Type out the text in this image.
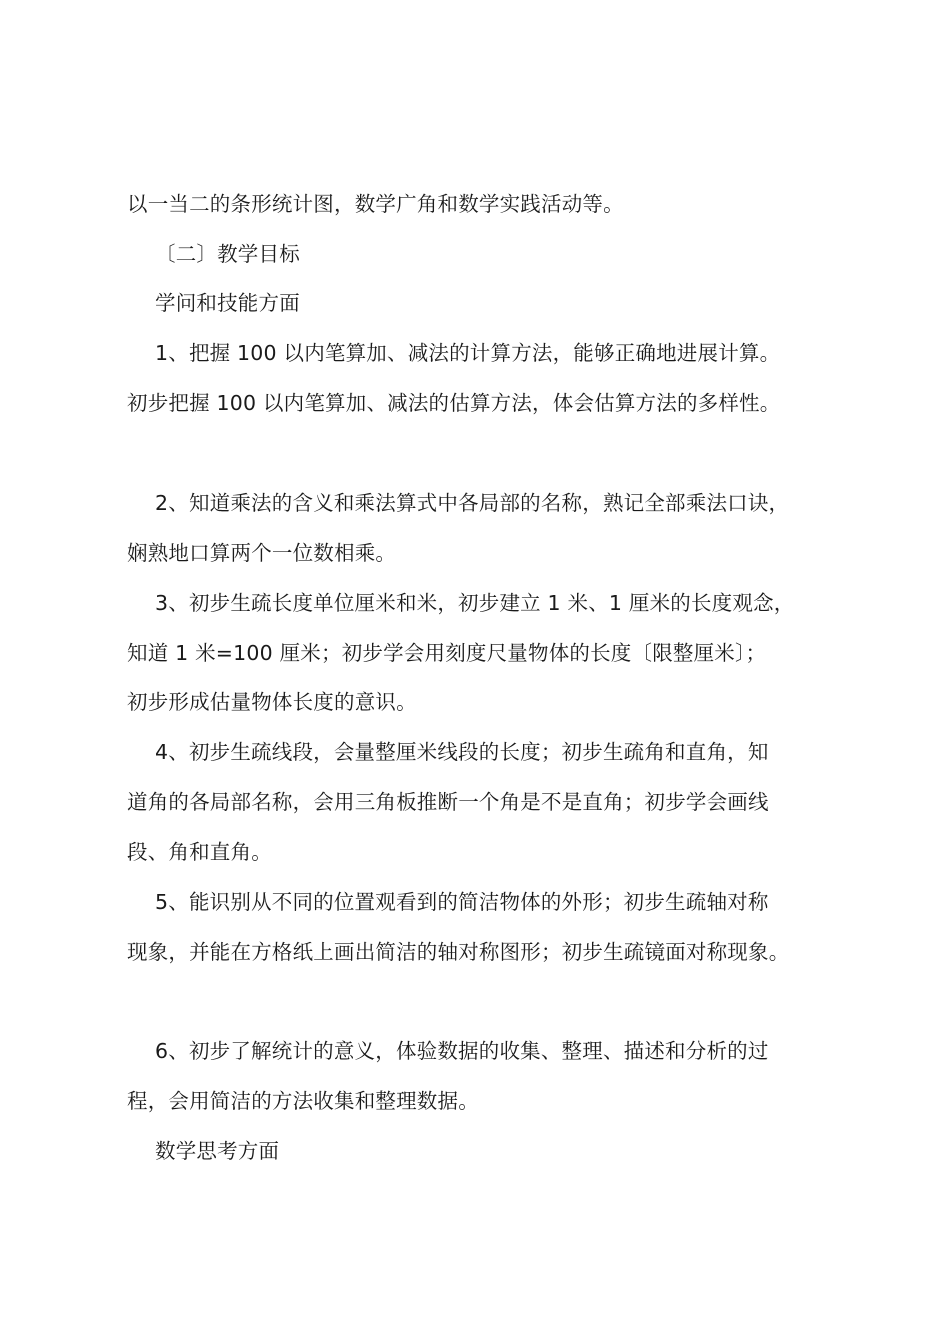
以一当二的条形统计图，数学广角和数学实践活动等。
〔二〕教学目标
学问和技能方面
1、把握 100 以内笔算加、减法的计算方法，能够正确地进展计算。
初步把握 100 以内笔算加、减法的估算方法，体会估算方法的多样性。
2、知道乘法的含义和乘法算式中各局部的名称，熟记全部乘法口诀，
娴熟地口算两个一位数相乘。
3、初步生疏长度单位厘米和米，初步建立 1 米、1 厘米的长度观念，
知道 1 米=100 厘米；初步学会用刻度尺量物体的长度〔限整厘米〕；
初步形成估量物体长度的意识。
4、初步生疏线段，会量整厘米线段的长度；初步生疏角和直角，知
道角的各局部名称，会用三角板推断一个角是不是直角；初步学会画线
段、角和直角。
5、能识别从不同的位置观看到的简洁物体的外形；初步生疏轴对称
现象，并能在方格纸上画出简洁的轴对称图形；初步生疏镜面对称现象。
6、初步了解统计的意义，体验数据的收集、整理、描述和分析的过
程，会用简洁的方法收集和整理数据。
数学思考方面
